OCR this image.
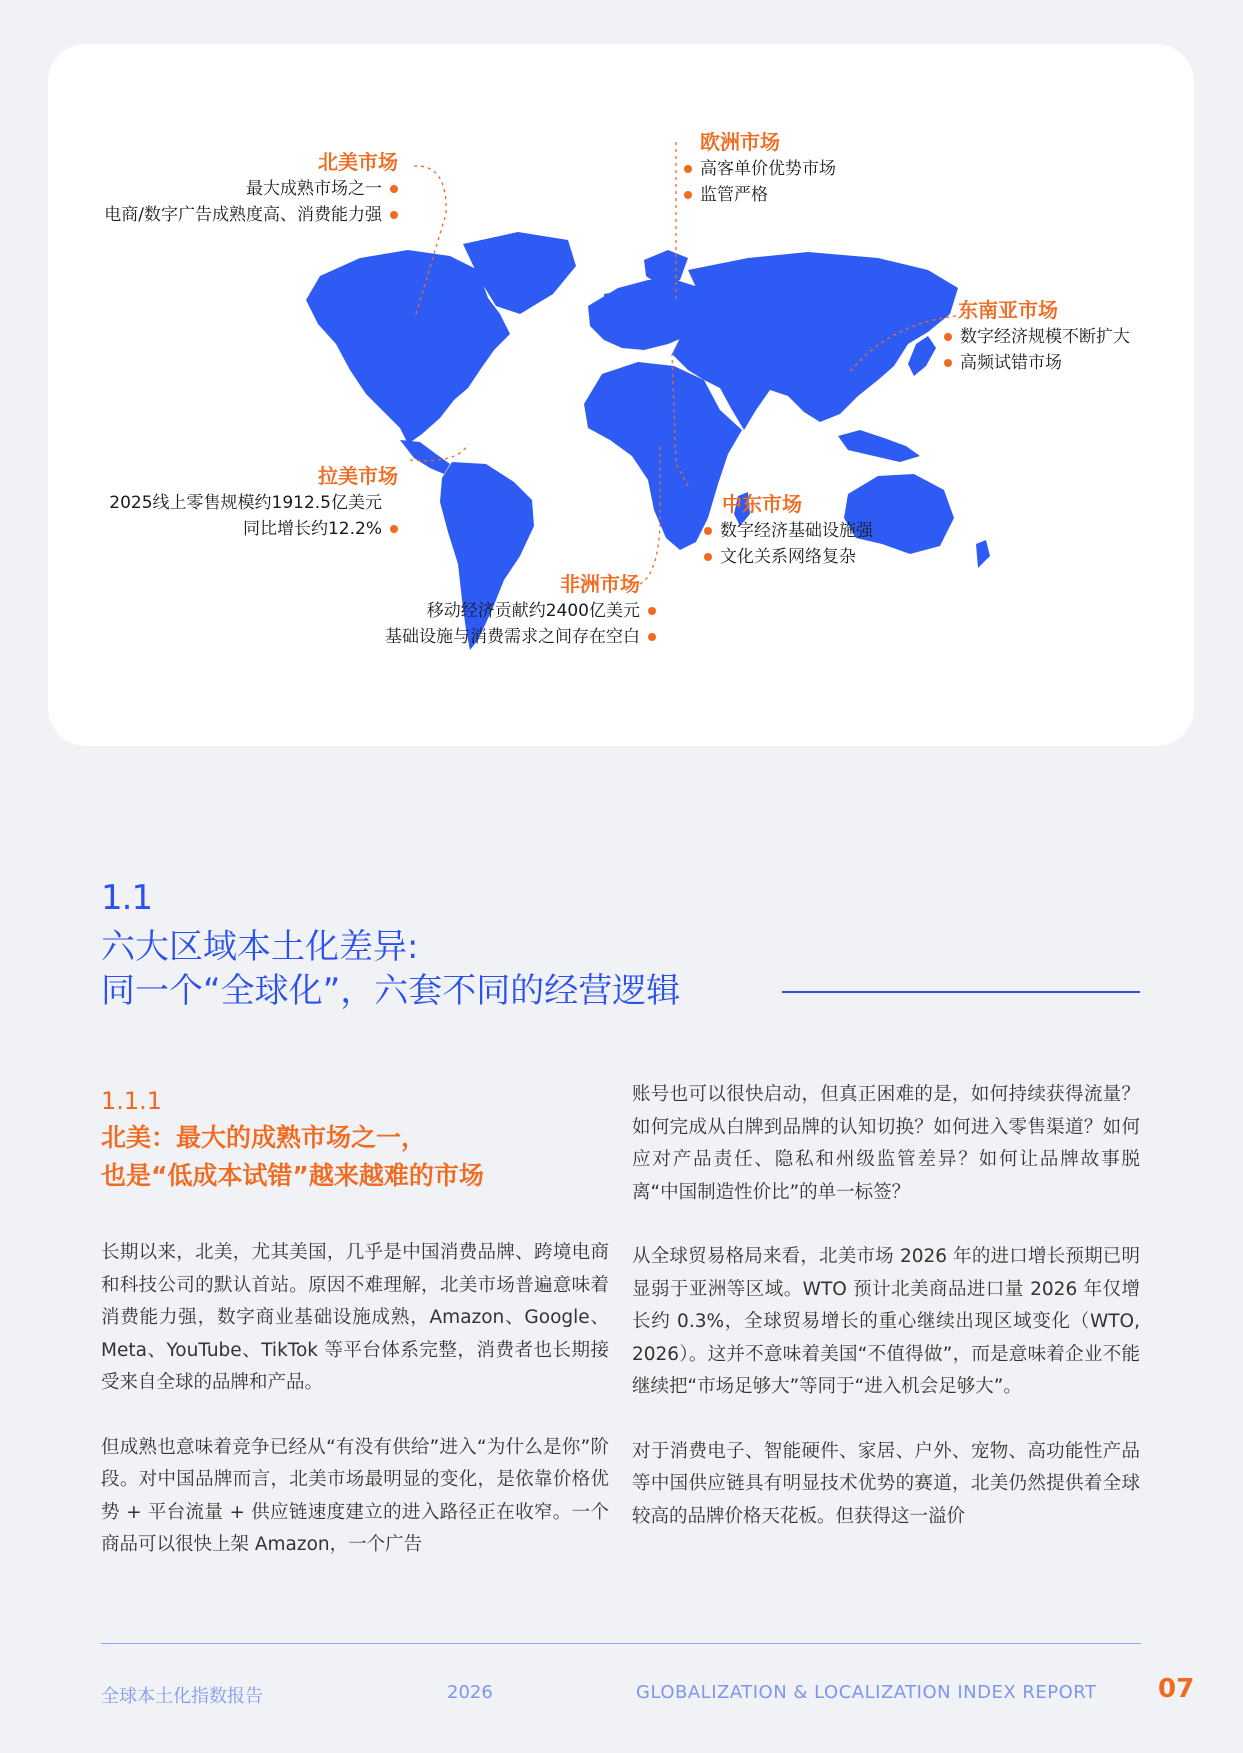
北美市场
最大成熟市场之一
电商/数字广告成熟度高、消费能力强
欧洲市场
高客单价优势市场
监管严格
东南亚市场
数字经济规模不断扩大
高频试错市场
拉美市场
2025线上零售规模约1912.5亿美元
同比增长约12.2%
中东市场
数字经济基础设施强
文化关系网络复杂
非洲市场
移动经济贡献约2400亿美元
基础设施与消费需求之间存在空白
1.1
六大区域本土化差异:
同一个“全球化”，六套不同的经营逻辑
1.1.1
北美：最大的成熟市场之一，
也是“低成本试错”越来越难的市场

长期以来，北美，尤其美国，几乎是中国消费品牌、跨境电商和科技公司的默认首站。原因不难理解，北美市场普遍意味着消费能力强，数字商业基础设施成熟，Amazon、Google、Meta、YouTube、TikTok 等平台体系完整，消费者也长期接受来自全球的品牌和产品。

但成熟也意味着竞争已经从“有没有供给”进入“为什么是你”阶段。对中国品牌而言，北美市场最明显的变化，是依靠价格优势 + 平台流量 + 供应链速度建立的进入路径正在收窄。一个商品可以很快上架 Amazon，一个广告

账号也可以很快启动，但真正困难的是，如何持续获得流量？如何完成从白牌到品牌的认知切换？如何进入零售渠道？如何应对产品责任、隐私和州级监管差异？如何让品牌故事脱离“中国制造性价比”的单一标签？

从全球贸易格局来看，北美市场 2026 年的进口增长预期已明显弱于亚洲等区域。WTO 预计北美商品进口量 2026 年仅增长约 0.3%，全球贸易增长的重心继续出现区域变化（WTO, 2026）。这并不意味着美国“不值得做”，而是意味着企业不能继续把“市场足够大”等同于“进入机会足够大”。

对于消费电子、智能硬件、家居、户外、宠物、高功能性产品等中国供应链具有明显技术优势的赛道，北美仍然提供着全球较高的品牌价格天花板。但获得这一溢价

全球本土化指数报告	2026	GLOBALIZATION & LOCALIZATION INDEX REPORT 07
